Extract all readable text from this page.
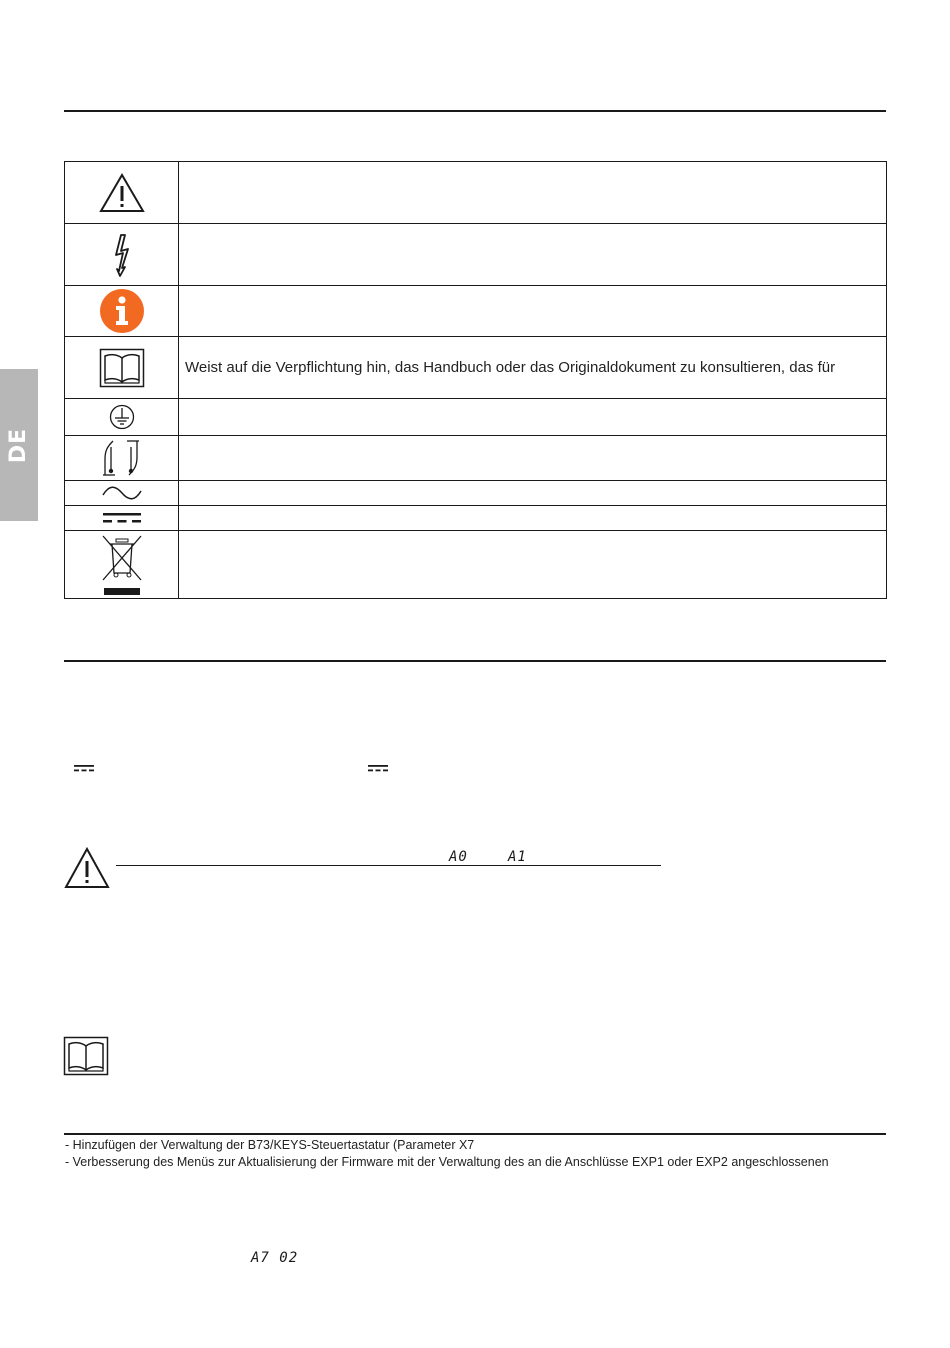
DE

	Weist auf die Verpflichtung hin, das Handbuch oder das Originaldokument zu konsultieren, das für

A0	A1
- Hinzufügen der Verwaltung der B73/KEYS-Steuertastatur (Parameter X7
- Verbesserung des Menüs zur Aktualisierung der Firmware mit der Verwaltung des an die Anschlüsse EXP1 oder EXP2 angeschlossenen
A7 02
